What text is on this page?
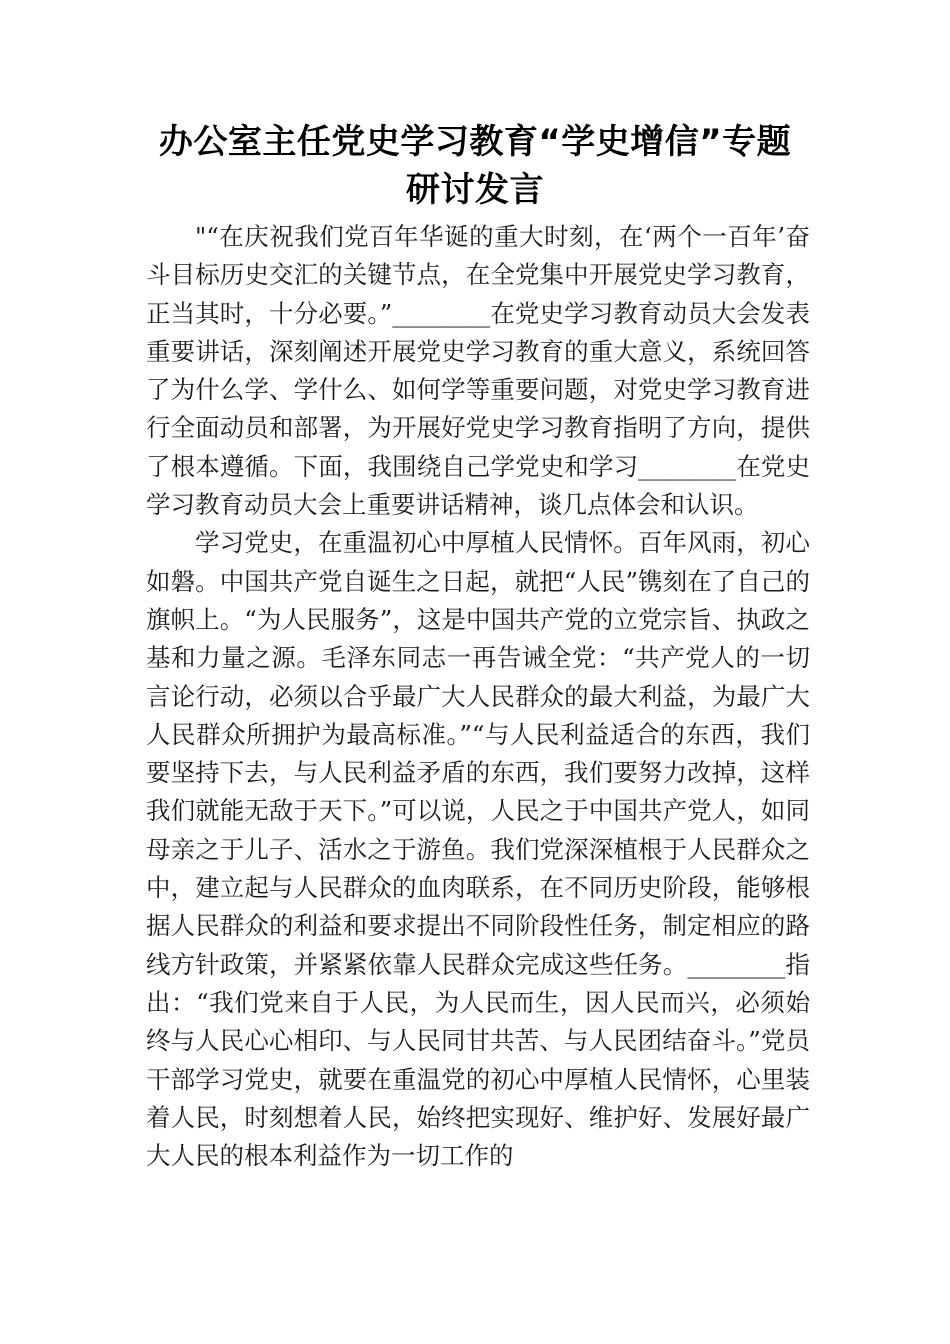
办公室主任党史学习教育“学史增信”专题
研讨发言

"“在庆祝我们党百年华诞的重大时刻，在‘两个一百年’奋斗目标历史交汇的关键节点，在全党集中开展党史学习教育，正当其时，十分必要。”________在党史学习教育动员大会发表重要讲话，深刻阐述开展党史学习教育的重大意义，系统回答了为什么学、学什么、如何学等重要问题，对党史学习教育进行全面动员和部署，为开展好党史学习教育指明了方向，提供了根本遵循。下面，我围绕自己学党史和学习________在党史学习教育动员大会上重要讲话精神，谈几点体会和认识。

学习党史，在重温初心中厚植人民情怀。百年风雨，初心如磐。中国共产党自诞生之日起，就把“人民”镌刻在了自己的旗帜上。“为人民服务”，这是中国共产党的立党宗旨、执政之基和力量之源。毛泽东同志一再告诫全党：“共产党人的一切言论行动，必须以合乎最广大人民群众的最大利益，为最广大人民群众所拥护为最高标准。”“与人民利益适合的东西，我们要坚持下去，与人民利益矛盾的东西，我们要努力改掉，这样我们就能无敌于天下。”可以说，人民之于中国共产党人，如同母亲之于儿子、活水之于游鱼。我们党深深植根于人民群众之中，建立起与人民群众的血肉联系，在不同历史阶段，能够根据人民群众的利益和要求提出不同阶段性任务，制定相应的路线方针政策，并紧紧依靠人民群众完成这些任务。________指出：“我们党来自于人民，为人民而生，因人民而兴，必须始终与人民心心相印、与人民同甘共苦、与人民团结奋斗。”党员干部学习党史，就要在重温党的初心中厚植人民情怀，心里装着人民，时刻想着人民，始终把实现好、维护好、发展好最广大人民的根本利益作为一切工作的
